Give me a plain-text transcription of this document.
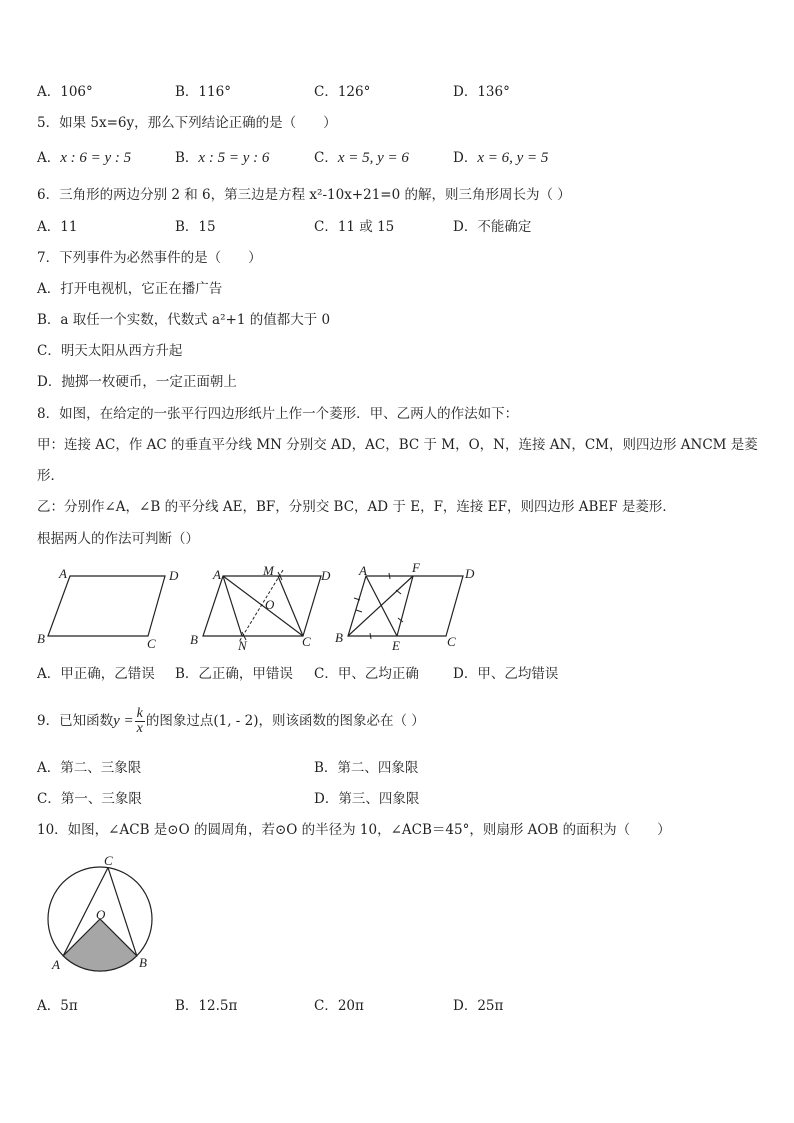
A．106°	B．116°	C．126°	D．136°
5．如果 5x=6y，那么下列结论正确的是（　　）
A．x : 6 = y : 5	B．x : 5 = y : 6	C．x = 5, y = 6	D．x = 6, y = 5
6．三角形的两边分别 2 和 6，第三边是方程 x²-10x+21=0 的解，则三角形周长为（ ）
A．11	B．15	C．11 或 15	D．不能确定
7．下列事件为必然事件的是（　　）
A．打开电视机，它正在播广告
B．a 取任一个实数，代数式 a²+1 的值都大于 0
C．明天太阳从西方升起
D．抛掷一枚硬币，一定正面朝上
8．如图，在给定的一张平行四边形纸片上作一个菱形．甲、乙两人的作法如下：
甲：连接 AC，作 AC 的垂直平分线 MN 分别交 AD，AC，BC 于 M，O，N，连接 AN，CM，则四边形 ANCM 是菱
形．
乙：分别作∠A，∠B 的平分线 AE，BF，分别交 BC，AD 于 E，F，连接 EF，则四边形 ABEF 是菱形．
根据两人的作法可判断（）
A	D
B	C
A	M	D
O
B	N	C
A	F	D
B
E	C
A．甲正确，乙错误 B．乙正确，甲错误 C．甲、乙均正确	D．甲、乙均错误
9．已知函数$y = \frac{k}{x}$ 的图象过点(1, - 2)，则该函数的图象必在（ ）
A．第二、三象限	B．第二、四象限
C．第一、三象限	D．第三、四象限
10．如图，∠ACB 是⊙O 的圆周角，若⊙O 的半径为 10，∠ACB＝45°，则扇形 AOB 的面积为（　　）
C
O
A	B
A．5π	B．12.5π	C．20π	D．25π
